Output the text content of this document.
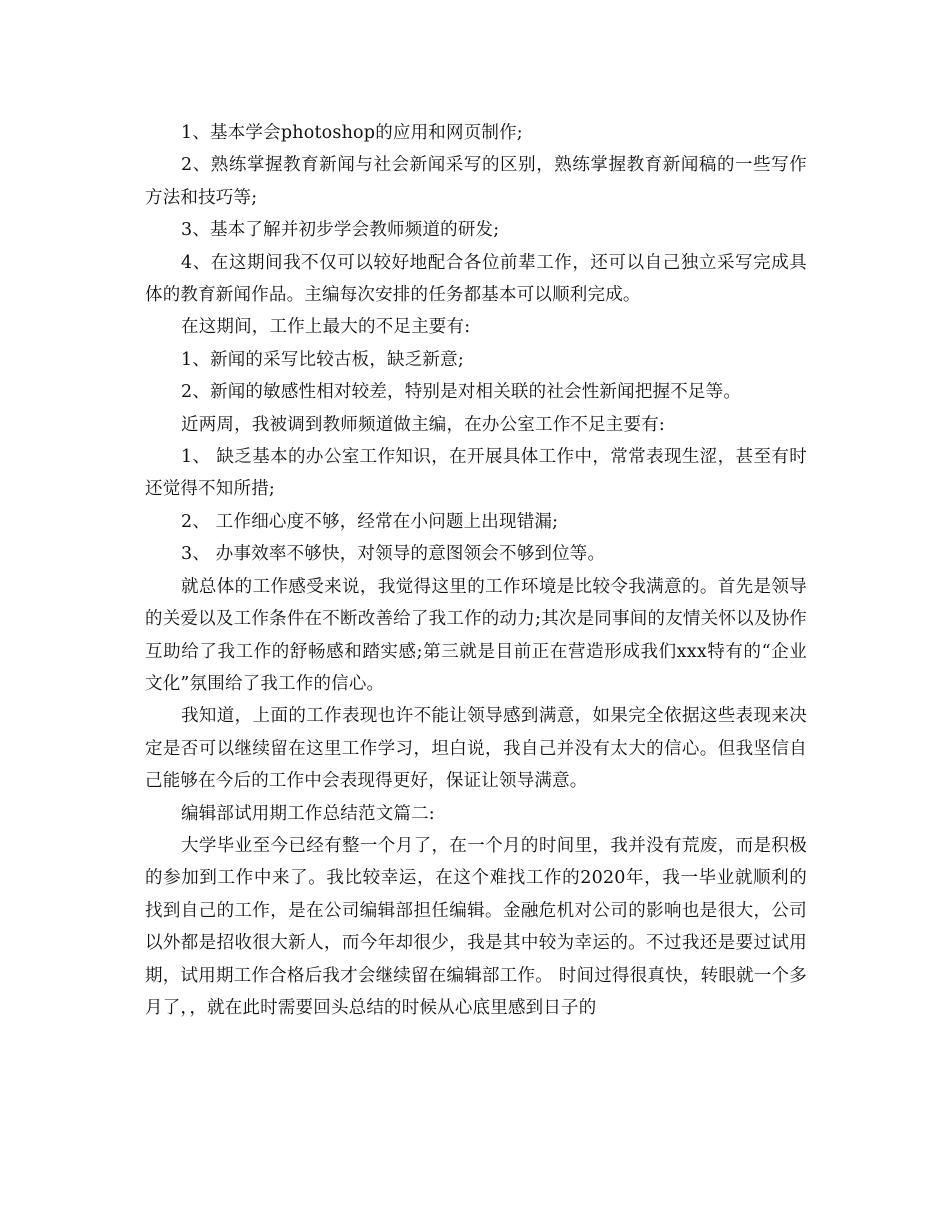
1、基本学会photoshop的应用和网页制作;

2、熟练掌握教育新闻与社会新闻采写的区别，熟练掌握教育新闻稿的一些写作方法和技巧等;

3、基本了解并初步学会教师频道的研发;

4、在这期间我不仅可以较好地配合各位前辈工作，还可以自己独立采写完成具体的教育新闻作品。主编每次安排的任务都基本可以顺利完成。

在这期间，工作上最大的不足主要有:

1、新闻的采写比较古板，缺乏新意;

2、新闻的敏感性相对较差，特别是对相关联的社会性新闻把握不足等。

近两周，我被调到教师频道做主编，在办公室工作不足主要有:

1、 缺乏基本的办公室工作知识，在开展具体工作中，常常表现生涩，甚至有时还觉得不知所措;

2、 工作细心度不够，经常在小问题上出现错漏;

3、 办事效率不够快，对领导的意图领会不够到位等。

就总体的工作感受来说，我觉得这里的工作环境是比较令我满意的。首先是领导的关爱以及工作条件在不断改善给了我工作的动力;其次是同事间的友情关怀以及协作互助给了我工作的舒畅感和踏实感;第三就是目前正在营造形成我们xxx特有的“企业文化”氛围给了我工作的信心。

我知道，上面的工作表现也许不能让领导感到满意，如果完全依据这些表现来决定是否可以继续留在这里工作学习，坦白说，我自己并没有太大的信心。但我坚信自己能够在今后的工作中会表现得更好，保证让领导满意。

编辑部试用期工作总结范文篇二:

大学毕业至今已经有整一个月了，在一个月的时间里，我并没有荒废，而是积极的参加到工作中来了。我比较幸运，在这个难找工作的2020年，我一毕业就顺利的找到自己的工作，是在公司编辑部担任编辑。金融危机对公司的影响也是很大，公司以外都是招收很大新人，而今年却很少，我是其中较为幸运的。不过我还是要过试用期，试用期工作合格后我才会继续留在编辑部工作。 时间过得很真快，转眼就一个多月了，，就在此时需要回头总结的时候从心底里感到日子的
